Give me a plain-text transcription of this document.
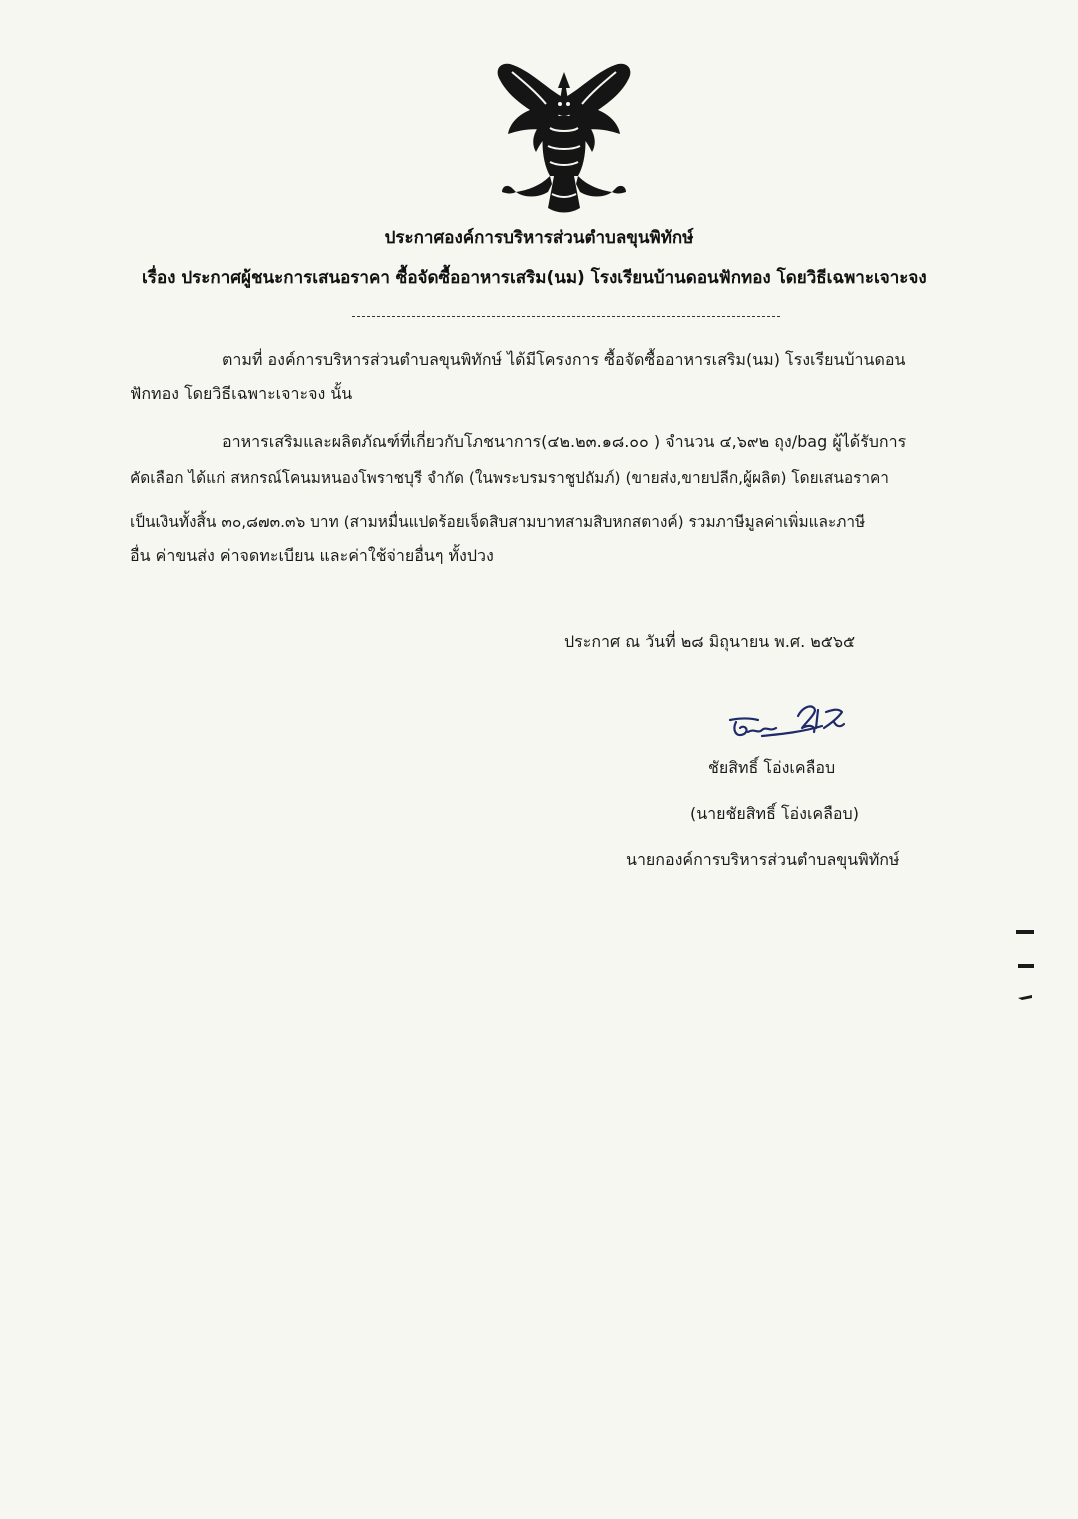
ประกาศองค์การบริหารส่วนตำบลขุนพิทักษ์
เรื่อง ประกาศผู้ชนะการเสนอราคา ซื้อจัดซื้ออาหารเสริม(นม) โรงเรียนบ้านดอนฟักทอง โดยวิธีเฉพาะเจาะจง
ตามที่ องค์การบริหารส่วนตำบลขุนพิทักษ์ ได้มีโครงการ ซื้อจัดซื้ออาหารเสริม(นม) โรงเรียนบ้านดอน
ฟักทอง โดยวิธีเฉพาะเจาะจง นั้น
อาหารเสริมและผลิตภัณฑ์ที่เกี่ยวกับโภชนาการ(๔๒.๒๓.๑๘.๐๐ ) จำนวน ๔,๖๙๒ ถุง/bag ผู้ได้รับการ
คัดเลือก ได้แก่ สหกรณ์โคนมหนองโพราชบุรี จำกัด (ในพระบรมราชูปถัมภ์) (ขายส่ง,ขายปลีก,ผู้ผลิต) โดยเสนอราคา
เป็นเงินทั้งสิ้น ๓๐,๘๗๓.๓๖ บาท (สามหมื่นแปดร้อยเจ็ดสิบสามบาทสามสิบหกสตางค์) รวมภาษีมูลค่าเพิ่มและภาษี
อื่น ค่าขนส่ง ค่าจดทะเบียน และค่าใช้จ่ายอื่นๆ ทั้งปวง
ประกาศ ณ วันที่ ๒๘ มิถุนายน พ.ศ. ๒๕๖๕
ชัยสิทธิ์ โอ่งเคลือบ
(นายชัยสิทธิ์ โอ่งเคลือบ)
นายกองค์การบริหารส่วนตำบลขุนพิทักษ์
